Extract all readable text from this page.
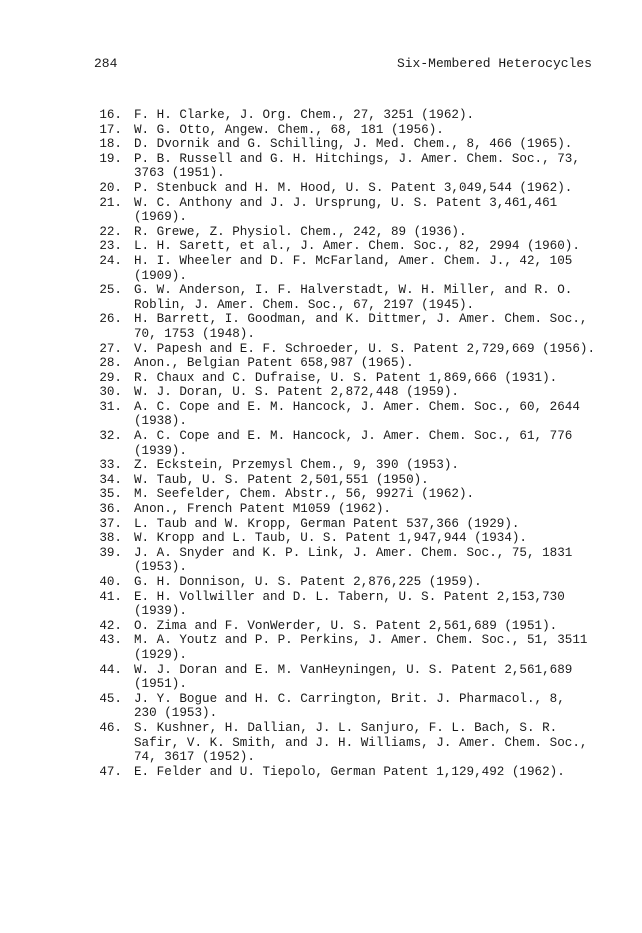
284	Six-Membered Heterocycles
16. F. H. Clarke, J. Org. Chem., 27, 3251 (1962).
17. W. G. Otto, Angew. Chem., 68, 181 (1956).
18. D. Dvornik and G. Schilling, J. Med. Chem., 8, 466 (1965).
19. P. B. Russell and G. H. Hitchings, J. Amer. Chem. Soc., 73,
3763 (1951).
20. P. Stenbuck and H. M. Hood, U. S. Patent 3,049,544 (1962).
21. W. C. Anthony and J. J. Ursprung, U. S. Patent 3,461,461
(1969).
22. R. Grewe, Z. Physiol. Chem., 242, 89 (1936).
23. L. H. Sarett, et al., J. Amer. Chem. Soc., 82, 2994 (1960).
24. H. I. Wheeler and D. F. McFarland, Amer. Chem. J., 42, 105
(1909).
25. G. W. Anderson, I. F. Halverstadt, W. H. Miller, and R. O.
Roblin, J. Amer. Chem. Soc., 67, 2197 (1945).
26. H. Barrett, I. Goodman, and K. Dittmer, J. Amer. Chem. Soc.,
70, 1753 (1948).
27. V. Papesh and E. F. Schroeder, U. S. Patent 2,729,669 (1956).
28. Anon., Belgian Patent 658,987 (1965).
29. R. Chaux and C. Dufraise, U. S. Patent 1,869,666 (1931).
30. W. J. Doran, U. S. Patent 2,872,448 (1959).
31. A. C. Cope and E. M. Hancock, J. Amer. Chem. Soc., 60, 2644
(1938).
32. A. C. Cope and E. M. Hancock, J. Amer. Chem. Soc., 61, 776
(1939).
33. Z. Eckstein, Przemysl Chem., 9, 390 (1953).
34. W. Taub, U. S. Patent 2,501,551 (1950).
35. M. Seefelder, Chem. Abstr., 56, 9927i (1962).
36. Anon., French Patent M1059 (1962).
37. L. Taub and W. Kropp, German Patent 537,366 (1929).
38. W. Kropp and L. Taub, U. S. Patent 1,947,944 (1934).
39. J. A. Snyder and K. P. Link, J. Amer. Chem. Soc., 75, 1831
(1953).
40. G. H. Donnison, U. S. Patent 2,876,225 (1959).
41. E. H. Vollwiller and D. L. Tabern, U. S. Patent 2,153,730
(1939).
42. O. Zima and F. VonWerder, U. S. Patent 2,561,689 (1951).
43. M. A. Youtz and P. P. Perkins, J. Amer. Chem. Soc., 51, 3511
(1929).
44. W. J. Doran and E. M. VanHeyningen, U. S. Patent 2,561,689
(1951).
45. J. Y. Bogue and H. C. Carrington, Brit. J. Pharmacol., 8,
230 (1953).
46. S. Kushner, H. Dallian, J. L. Sanjuro, F. L. Bach, S. R.
Safir, V. K. Smith, and J. H. Williams, J. Amer. Chem. Soc.,
74, 3617 (1952).
47. E. Felder and U. Tiepolo, German Patent 1,129,492 (1962).
